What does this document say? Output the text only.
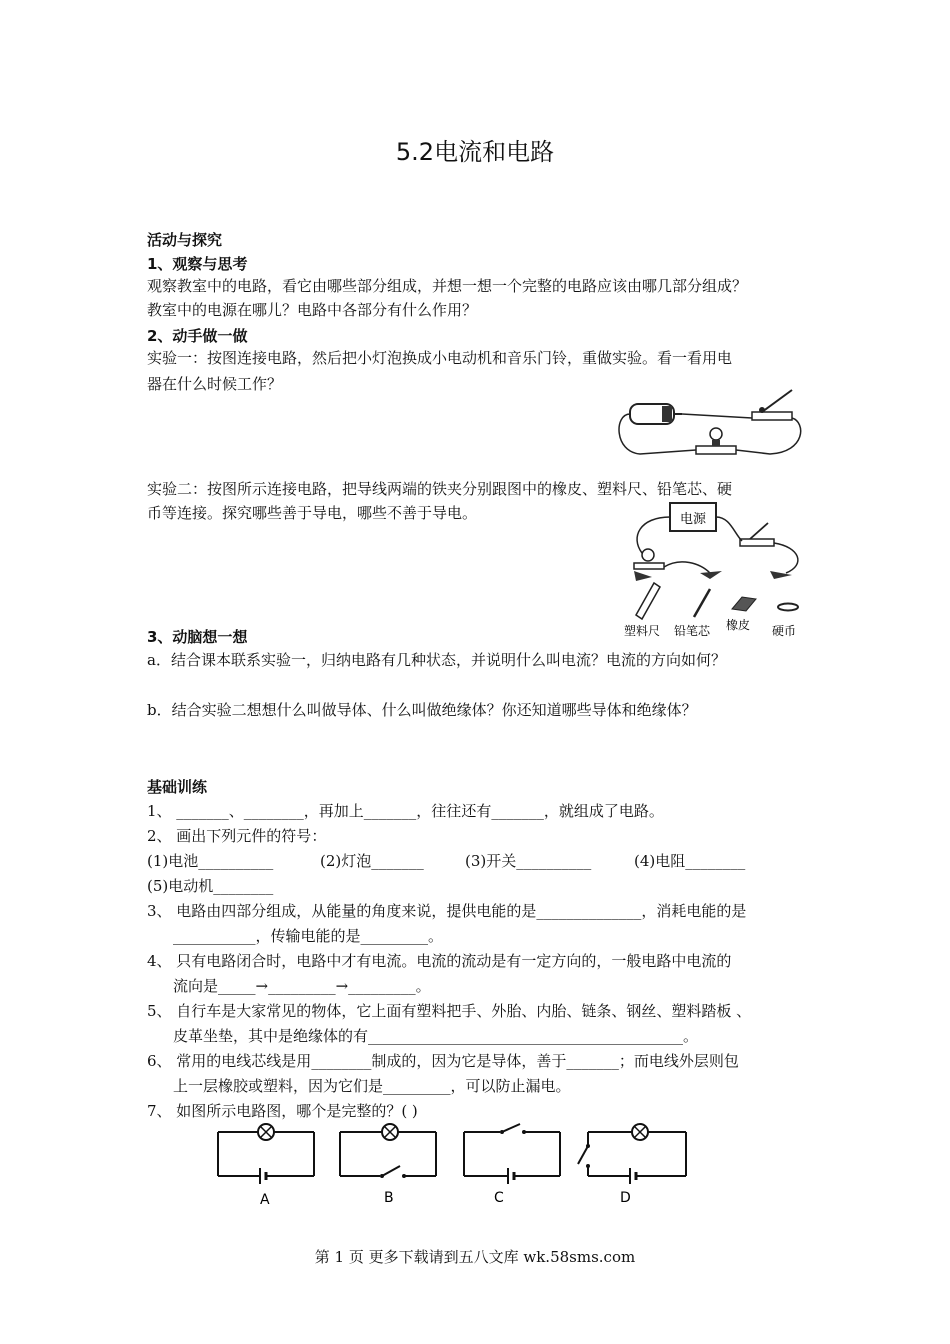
5.2电流和电路
活动与探究
1、观察与思考
观察教室中的电路，看它由哪些部分组成，并想一想一个完整的电路应该由哪几部分组成？
教室中的电源在哪儿？电路中各部分有什么作用？
2、动手做一做
实验一：按图连接电路，然后把小灯泡换成小电动机和音乐门铃，重做实验。看一看用电
器在什么时候工作？
实验二：按图所示连接电路，把导线两端的铁夹分别跟图中的橡皮、塑料尺、铅笔芯、硬
币等连接。探究哪些善于导电，哪些不善于导电。	电源
塑料尺 铅笔芯 橡皮 硬币
3、动脑想一想
a．结合课本联系实验一，归纳电路有几种状态，并说明什么叫电流？电流的方向如何？
b．结合实验二想想什么叫做导体、什么叫做绝缘体？你还知道哪些导体和绝缘体？
基础训练
1、 _______、________，再加上_______，往往还有_______，就组成了电路。
2、 画出下列元件的符号：
(1)电池__________	(2)灯泡_______	(3)开关__________	(4)电阻________
(5)电动机________
3、 电路由四部分组成，从能量的角度来说，提供电能的是______________，消耗电能的是
___________，传输电能的是_________。
4、 只有电路闭合时，电路中才有电流。电流的流动是有一定方向的，一般电路中电流的
流向是_____→_________→_________。
5、 自行车是大家常见的物体，它上面有塑料把手、外胎、内胎、链条、钢丝、塑料踏板 、
皮革坐垫，其中是绝缘体的有__________________________________________。
6、 常用的电线芯线是用________制成的，因为它是导体，善于_______；而电线外层则包
上一层橡胶或塑料，因为它们是_________，可以防止漏电。
7、 如图所示电路图，哪个是完整的？( )
A	B	C	D
第 1 页 更多下载请到五八文库 wk.58sms.com
